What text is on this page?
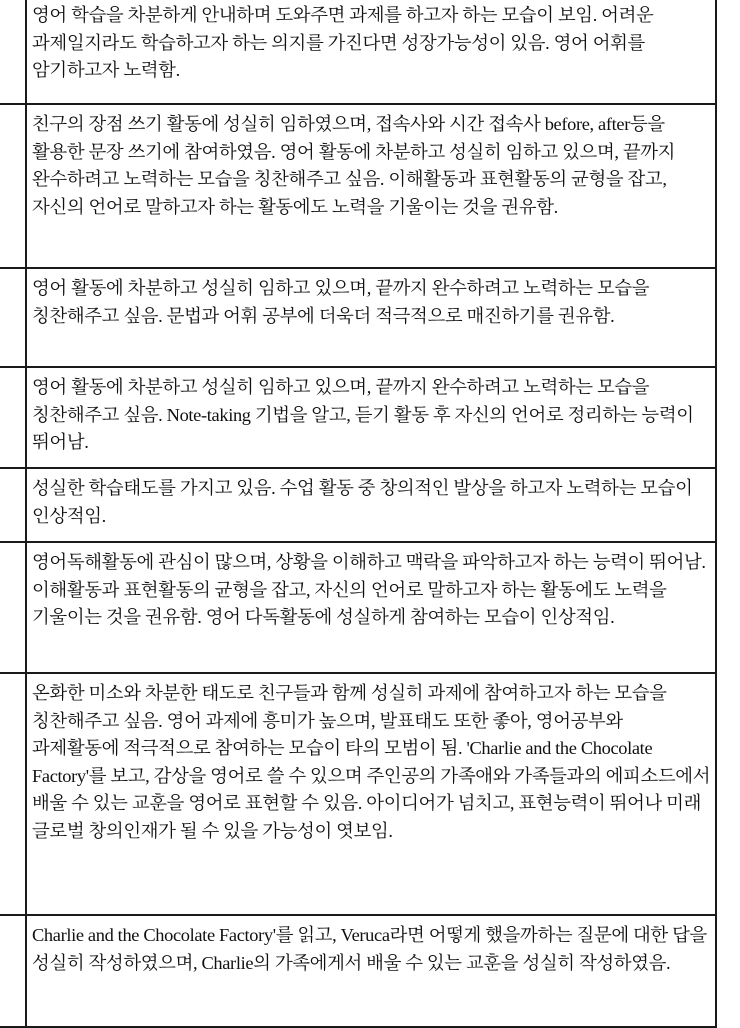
	영어 학습을 차분하게 안내하며 도와주면 과제를 하고자 하는 모습이 보임. 어려운 과제일지라도 학습하고자 하는 의지를 가진다면 성장가능성이 있음. 영어 어휘를 암기하고자 노력함.
	친구의 장점 쓰기 활동에 성실히 임하였으며, 접속사와 시간 접속사 before, after등을 활용한 문장 쓰기에 참여하였음. 영어 활동에 차분하고 성실히 임하고 있으며, 끝까지 완수하려고 노력하는 모습을 칭찬해주고 싶음. 이해활동과 표현활동의 균형을 잡고, 자신의 언어로 말하고자 하는 활동에도 노력을 기울이는 것을 권유함.
	영어 활동에 차분하고 성실히 임하고 있으며, 끝까지 완수하려고 노력하는 모습을 칭찬해주고 싶음. 문법과 어휘 공부에 더욱더 적극적으로 매진하기를 권유함.
	영어 활동에 차분하고 성실히 임하고 있으며, 끝까지 완수하려고 노력하는 모습을 칭찬해주고 싶음. Note-taking 기법을 알고, 듣기 활동 후 자신의 언어로 정리하는 능력이 뛰어남.
	성실한 학습태도를 가지고 있음. 수업 활동 중 창의적인 발상을 하고자 노력하는 모습이 인상적임.
	영어독해활동에 관심이 많으며, 상황을 이해하고 맥락을 파악하고자 하는 능력이 뛰어남. 이해활동과 표현활동의 균형을 잡고, 자신의 언어로 말하고자 하는 활동에도 노력을 기울이는 것을 권유함. 영어 다독활동에 성실하게 참여하는 모습이 인상적임.
	온화한 미소와 차분한 태도로 친구들과 함께 성실히 과제에 참여하고자 하는 모습을 칭찬해주고 싶음. 영어 과제에 흥미가 높으며, 발표태도 또한 좋아, 영어공부와 과제활동에 적극적으로 참여하는 모습이 타의 모범이 됨. 'Charlie and the Chocolate Factory'를 보고, 감상을 영어로 쓸 수 있으며 주인공의 가족애와 가족들과의 에피소드에서 배울 수 있는 교훈을 영어로 표현할 수 있음. 아이디어가 넘치고, 표현능력이 뛰어나 미래 글로벌 창의인재가 될 수 있을 가능성이 엿보임.
	Charlie and the Chocolate Factory'를 읽고, Veruca라면 어떻게 했을까하는 질문에 대한 답을 성실히 작성하였으며, Charlie의 가족에게서 배울 수 있는 교훈을 성실히 작성하였음.
